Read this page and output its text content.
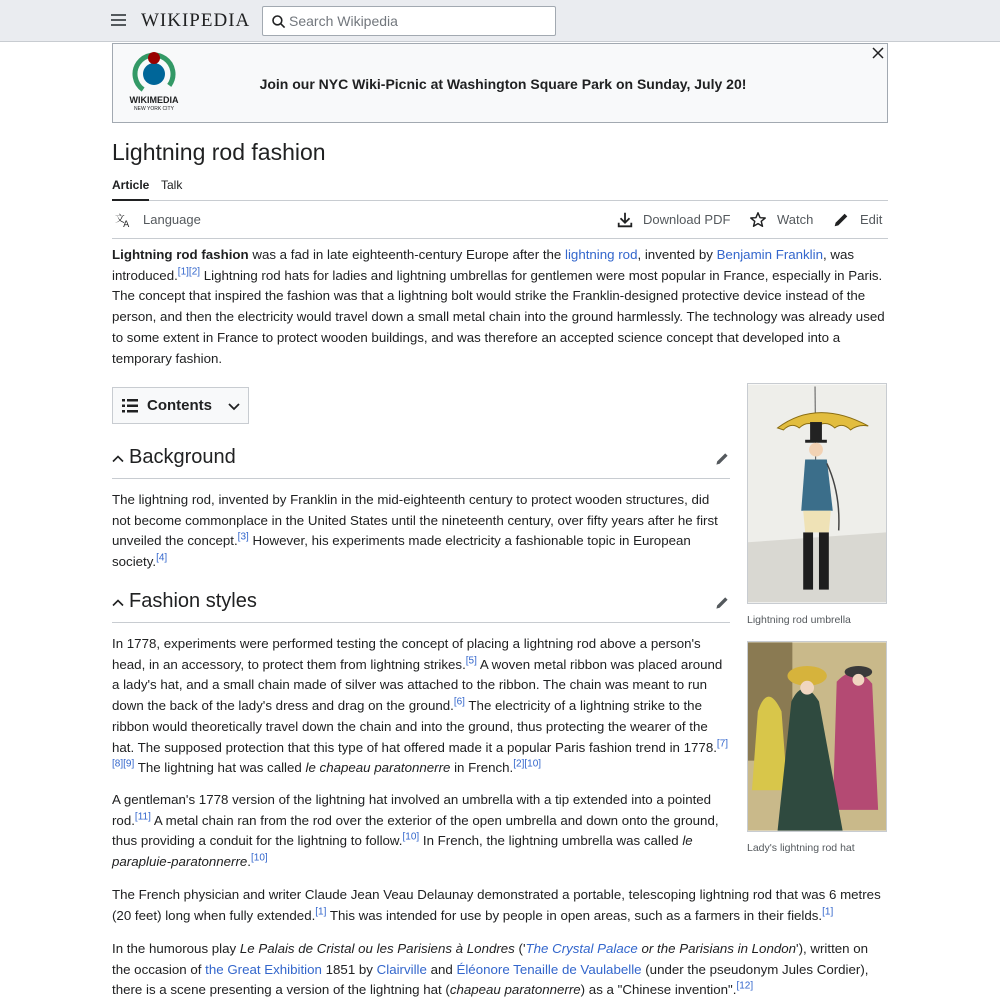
WIKIPEDIA
Search Wikipedia
WIKIMEDIA
NEW YORK CITY
Join our NYC Wiki-Picnic at Washington Square Park on Sunday, July 20!
Lightning rod fashion
Article Talk
文
A Language	Download PDF	Watch	Edit

Lightning rod fashion was a fad in late eighteenth-century Europe after the lightning rod, invented by Benjamin Franklin, was introduced.[1][2] Lightning rod hats for ladies and lightning umbrellas for gentlemen were most popular in France, especially in Paris. The concept that inspired the fashion was that a lightning bolt would strike the Franklin-designed protective device instead of the person, and then the electricity would travel down a small metal chain into the ground harmlessly. The technology was already used to some extent in France to protect wooden buildings, and was therefore an accepted science concept that developed into a temporary fashion.

Contents
Background

The lightning rod, invented by Franklin in the mid-eighteenth century to protect wooden structures, did not become commonplace in the United States until the nineteenth century, over fifty years after he first unveiled the concept.[3] However, his experiments made electricity a fashionable topic in European society.[4]

Fashion styles

In 1778, experiments were performed testing the concept of placing a lightning rod above a person's head, in an accessory, to protect them from lightning strikes.[5] A woven metal ribbon was placed around a lady's hat, and a small chain made of silver was attached to the ribbon. The chain was meant to run down the back of the lady's dress and drag on the ground.[6] The electricity of a lightning strike to the ribbon would theoretically travel down the chain and into the ground, thus protecting the wearer of the hat. The supposed protection that this type of hat offered made it a popular Paris fashion trend in 1778.[7][8][9] The lightning hat was called le chapeau paratonnerre in French.[2][10]

A gentleman's 1778 version of the lightning hat involved an umbrella with a tip extended into a pointed rod.[11] A metal chain ran from the rod over the exterior of the open umbrella and down onto the ground, thus providing a conduit for the lightning to follow.[10] In French, the lightning umbrella was called le parapluie-paratonnerre.[10]

The French physician and writer Claude Jean Veau Delaunay demonstrated a portable, telescoping lightning rod that was 6 metres (20 feet) long when fully extended.[1] This was intended for use by people in open areas, such as a farmers in their fields.[1]

In the humorous play Le Palais de Cristal ou les Parisiens à Londres ('The Crystal Palace or the Parisians in London'), written on the occasion of the Great Exhibition 1851 by Clairville and Éléonore Tenaille de Vaulabelle (under the pseudonym Jules Cordier), there is a scene presenting a version of the lightning hat (chapeau paratonnerre) as a "Chinese invention".[12]

Lightning rod umbrella
Lady's lightning rod hat
